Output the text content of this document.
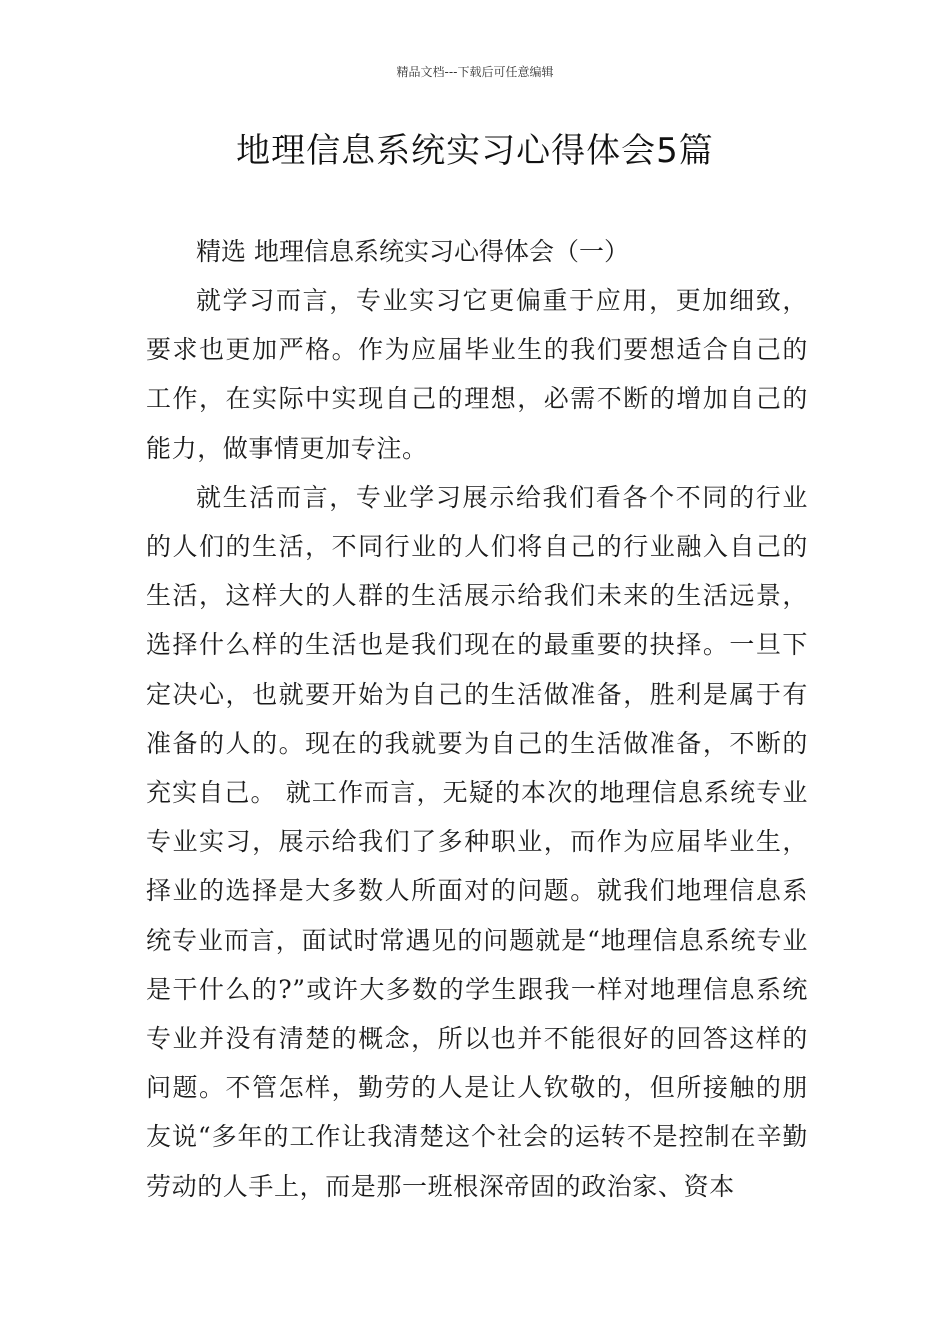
精品文档---下载后可任意编辑
地理信息系统实习心得体会5篇

精选 地理信息系统实习心得体会（一）

就学习而言，专业实习它更偏重于应用，更加细致，要求也更加严格。作为应届毕业生的我们要想适合自己的工作，在实际中实现自己的理想，必需不断的增加自己的能力，做事情更加专注。

就生活而言，专业学习展示给我们看各个不同的行业的人们的生活，不同行业的人们将自己的行业融入自己的生活，这样大的人群的生活展示给我们未来的生活远景，选择什么样的生活也是我们现在的最重要的抉择。一旦下定决心，也就要开始为自己的生活做准备，胜利是属于有准备的人的。现在的我就要为自己的生活做准备，不断的充实自己。 就工作而言，无疑的本次的地理信息系统专业专业实习，展示给我们了多种职业，而作为应届毕业生，择业的选择是大多数人所面对的问题。就我们地理信息系统专业而言，面试时常遇见的问题就是“地理信息系统专业是干什么的?”或许大多数的学生跟我一样对地理信息系统专业并没有清楚的概念，所以也并不能很好的回答这样的问题。不管怎样，勤劳的人是让人钦敬的，但所接触的朋友说“多年的工作让我清楚这个社会的运转不是控制在辛勤劳动的人手上，而是那一班根深帝固的政治家、资本
